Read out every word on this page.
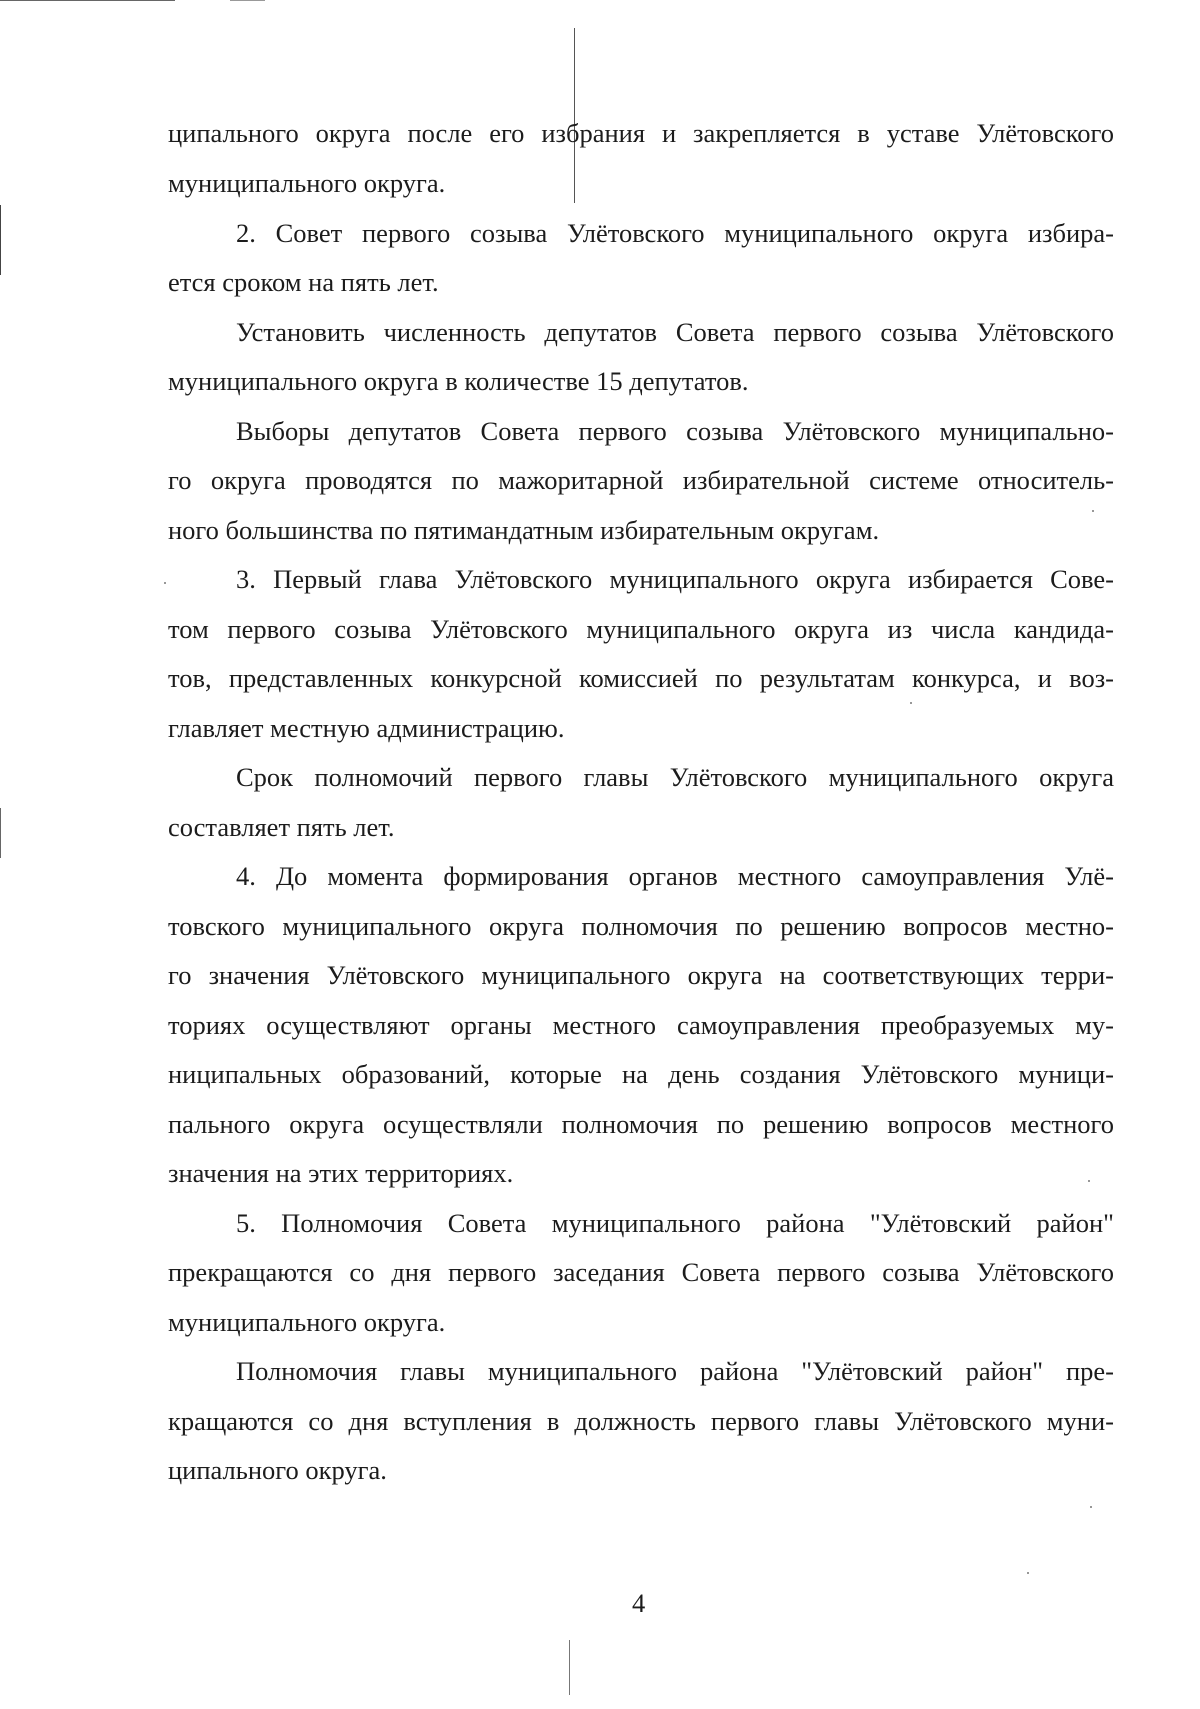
ципального округа после его избрания и закрепляется в уставе Улётовского
муниципального округа.
2. Совет первого созыва Улётовского муниципального округа избира-
ется сроком на пять лет.
Установить численность депутатов Совета первого созыва Улётовского
муниципального округа в количестве 15 депутатов.
Выборы депутатов Совета первого созыва Улётовского муниципально-
го округа проводятся по мажоритарной избирательной системе относитель-
ного большинства по пятимандатным избирательным округам.
3. Первый глава Улётовского муниципального округа избирается Сове-
том первого созыва Улётовского муниципального округа из числа кандида-
тов, представленных конкурсной комиссией по результатам конкурса, и воз-
главляет местную администрацию.
Срок полномочий первого главы Улётовского муниципального округа
составляет пять лет.
4. До момента формирования органов местного самоуправления Улё-
товского муниципального округа полномочия по решению вопросов местно-
го значения Улётовского муниципального округа на соответствующих терри-
ториях осуществляют органы местного самоуправления преобразуемых му-
ниципальных образований, которые на день создания Улётовского муници-
пального округа осуществляли полномочия по решению вопросов местного
значения на этих территориях.
5. Полномочия Совета муниципального района "Улётовский район"
прекращаются со дня первого заседания Совета первого созыва Улётовского
муниципального округа.
Полномочия главы муниципального района "Улётовский район" пре-
кращаются со дня вступления в должность первого главы Улётовского муни-
ципального округа.
4
